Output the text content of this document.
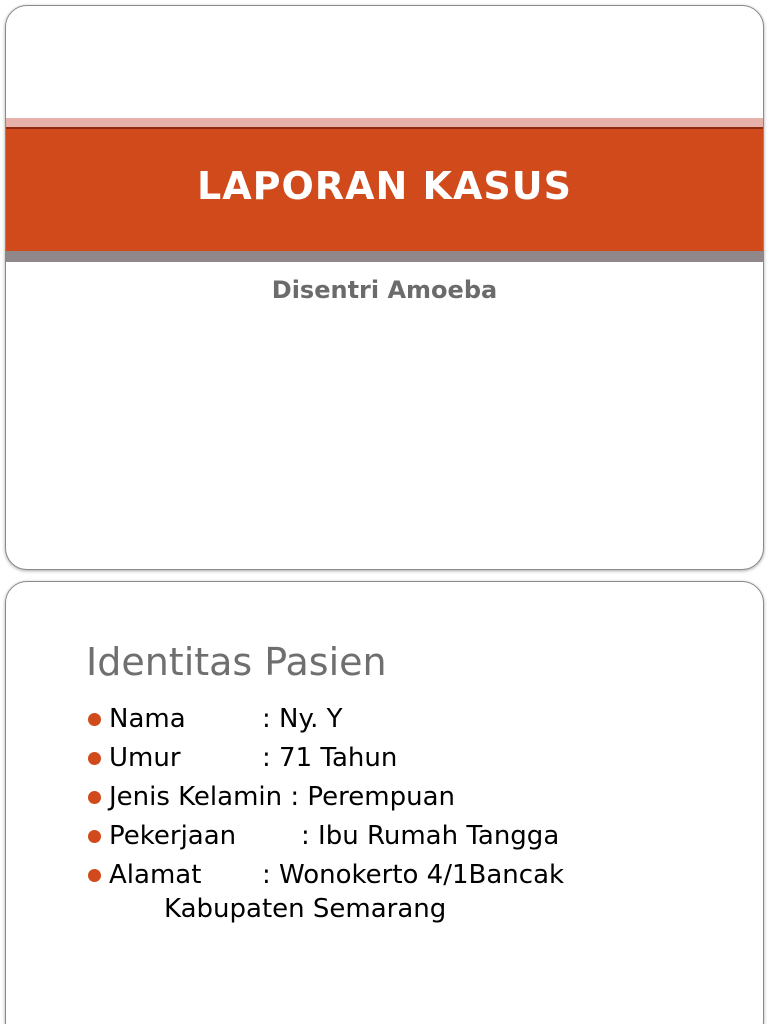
LAPORAN KASUS
Disentri Amoeba
Identitas Pasien
Nama	: Ny. Y
Umur	: 71 Tahun
Jenis Kelamin : Perempuan
Pekerjaan : Ibu Rumah Tangga
Alamat : Wonokerto 4/1Bancak
Kabupaten Semarang
